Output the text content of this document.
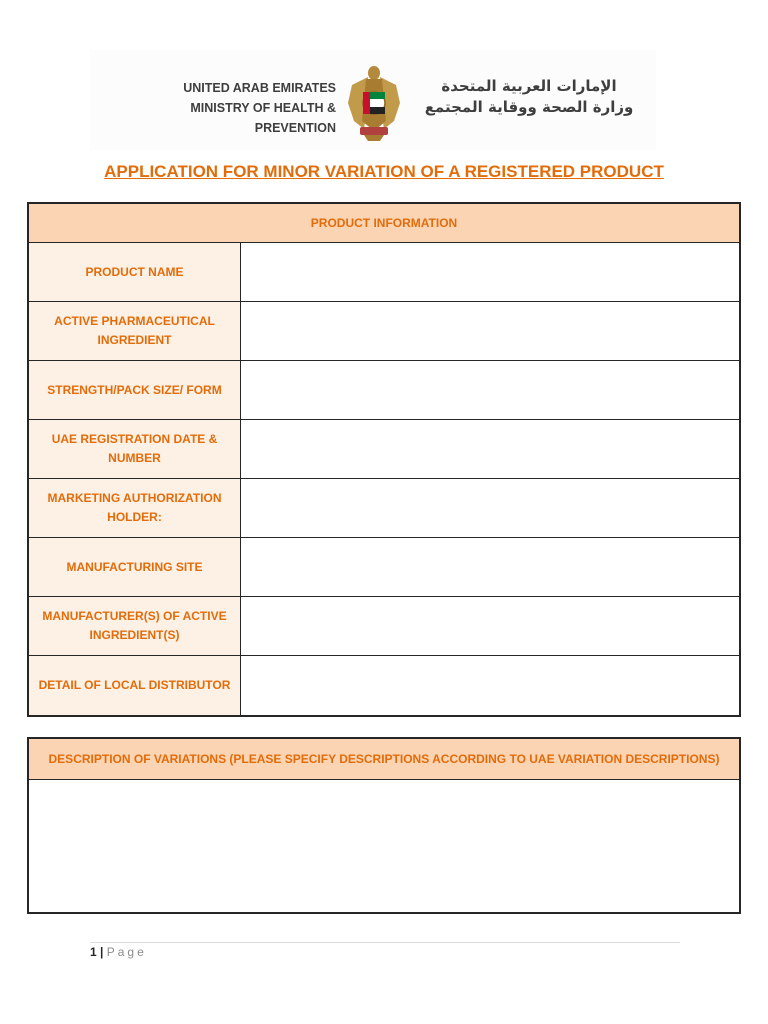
UNITED ARAB EMIRATES
MINISTRY OF HEALTH & PREVENTION
الإمارات العربية المتحدة
وزارة الصحة ووقاية المجتمع
APPLICATION FOR MINOR VARIATION OF A REGISTERED PRODUCT
PRODUCT INFORMATION
PRODUCT NAME
ACTIVE PHARMACEUTICAL INGREDIENT
STRENGTH/PACK SIZE/ FORM
UAE REGISTRATION DATE & NUMBER
MARKETING AUTHORIZATION HOLDER:
MANUFACTURING SITE
MANUFACTURER(S) OF ACTIVE INGREDIENT(S)
DETAIL OF LOCAL DISTRIBUTOR
DESCRIPTION OF VARIATIONS (PLEASE SPECIFY DESCRIPTIONS ACCORDING TO UAE VARIATION DESCRIPTIONS)
1 | Page
